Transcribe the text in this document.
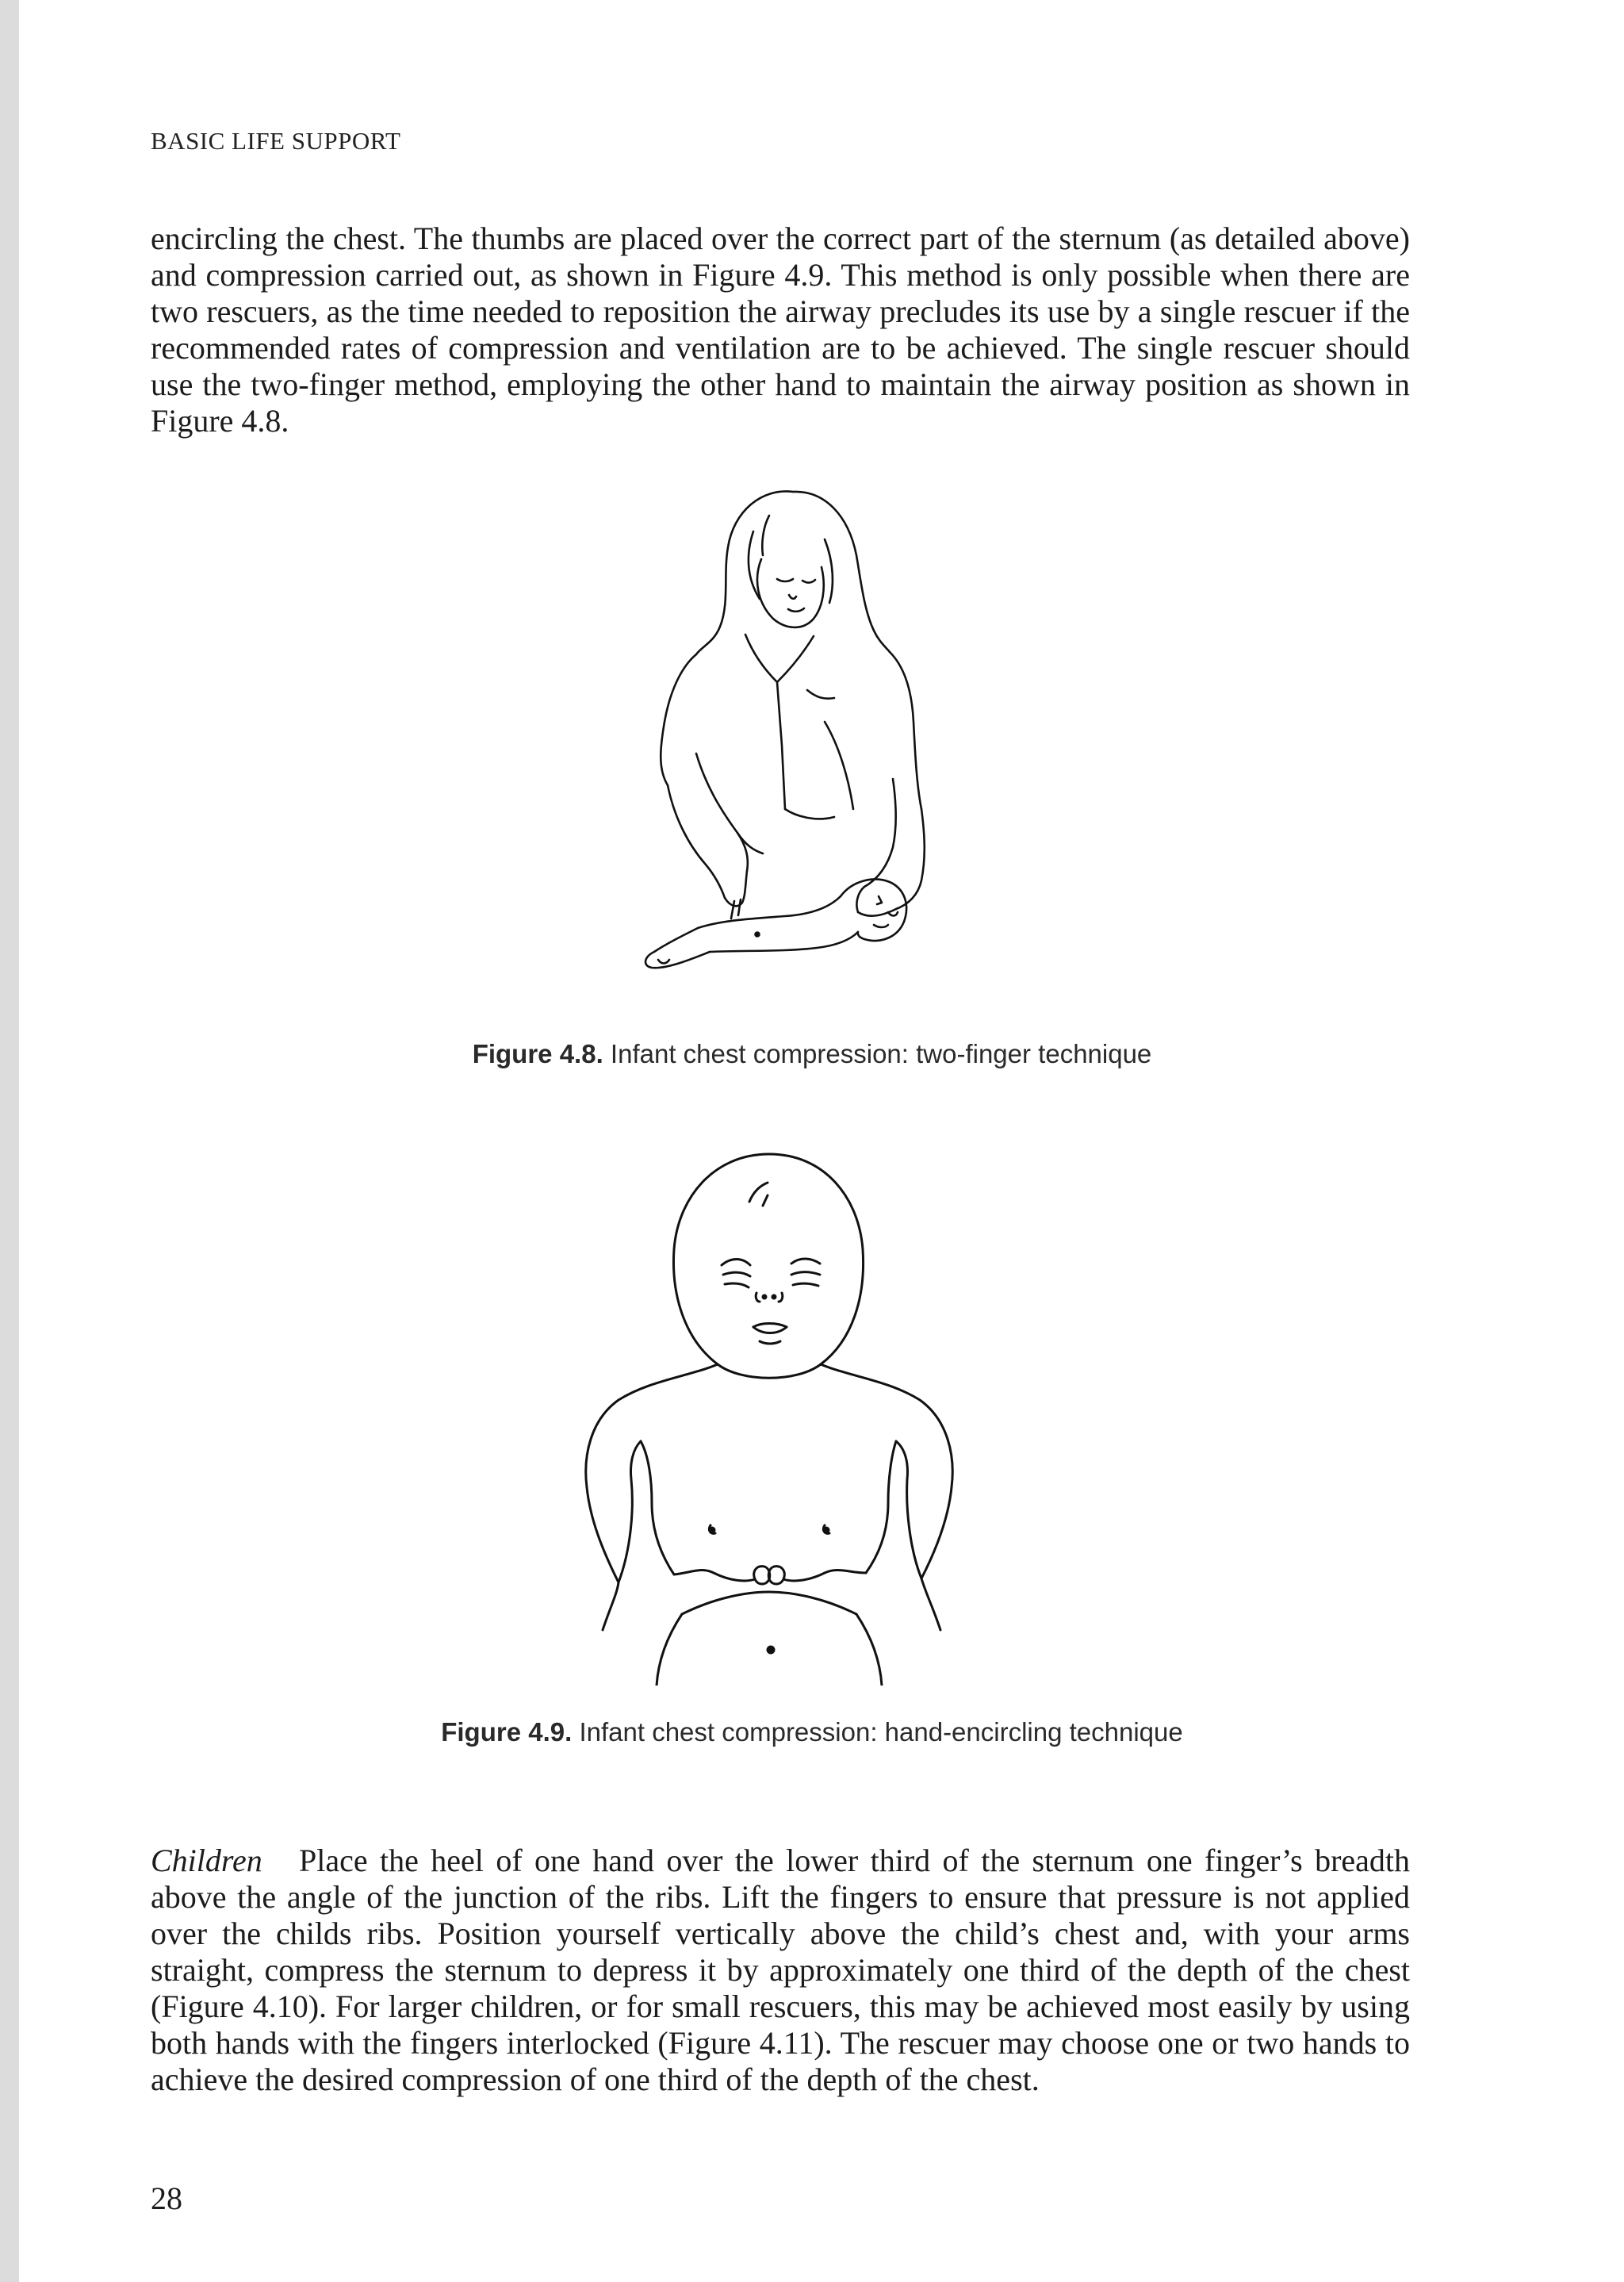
BASIC LIFE SUPPORT
encircling the chest. The thumbs are placed over the correct part of the sternum (as detailed above) and compression carried out, as shown in Figure 4.9. This method is only possible when there are two rescuers, as the time needed to reposition the airway precludes its use by a single rescuer if the recommended rates of compression and ventilation are to be achieved. The single rescuer should use the two-finger method, employing the other hand to maintain the airway position as shown in Figure 4.8.
Figure 4.8. Infant chest compression: two-finger technique
Figure 4.9. Infant chest compression: hand-encircling technique
Children Place the heel of one hand over the lower third of the sternum one finger’s breadth above the angle of the junction of the ribs. Lift the fingers to ensure that pressure is not applied over the childs ribs. Position yourself vertically above the child’s chest and, with your arms straight, compress the sternum to depress it by approximately one third of the depth of the chest (Figure 4.10). For larger children, or for small rescuers, this may be achieved most easily by using both hands with the fingers interlocked (Figure 4.11). The rescuer may choose one or two hands to achieve the desired compression of one third of the depth of the chest.
28
